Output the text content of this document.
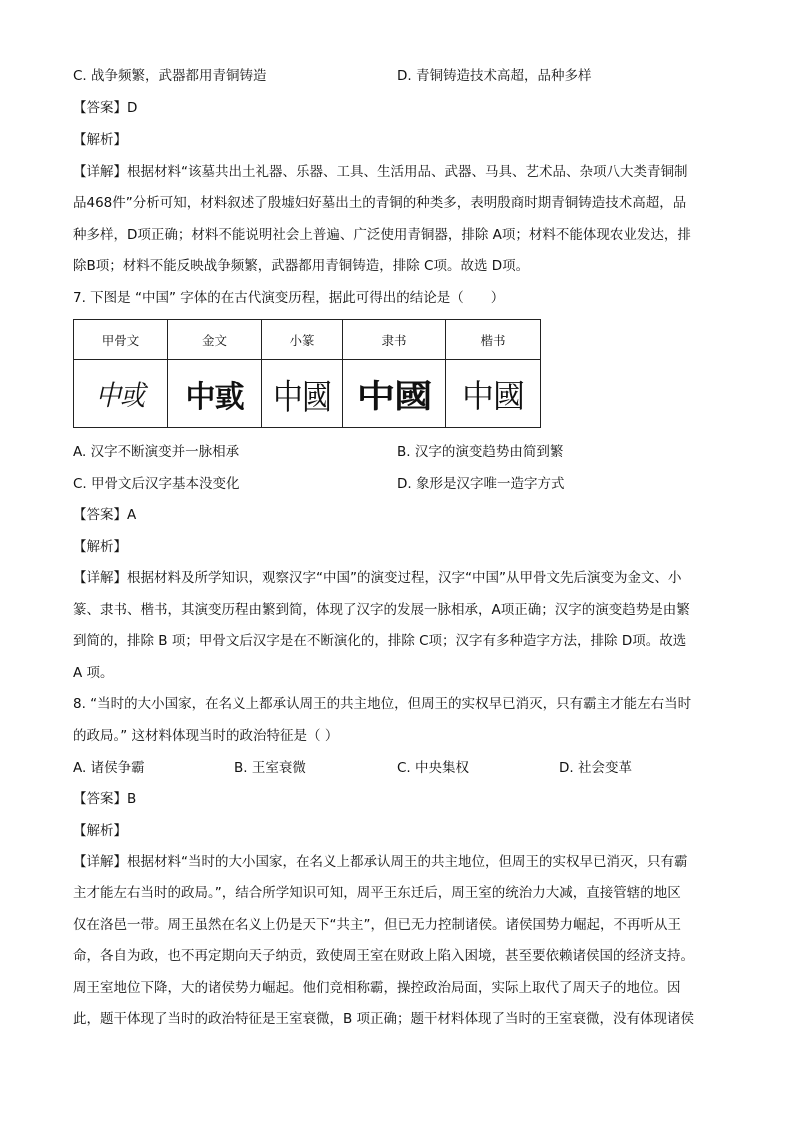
C. 战争频繁，武器都用青铜铸造	D. 青铜铸造技术高超，品种多样
【答案】D
【解析】
【详解】根据材料“该墓共出土礼器、乐器、工具、生活用品、武器、马具、艺术品、杂项八大类青铜制
品468件”分析可知，材料叙述了殷墟妇好墓出土的青铜的种类多，表明殷商时期青铜铸造技术高超，品
种多样，D项正确；材料不能说明社会上普遍、广泛使用青铜器，排除 A项；材料不能体现农业发达，排
除B项；材料不能反映战争频繁，武器都用青铜铸造，排除 C项。故选 D项。
7. 下图是 “中国” 字体的在古代演变历程，据此可得出的结论是（　　）
甲骨文	金文	小篆	隶书	楷书
中或	中戜	中國	中國	中國
A. 汉字不断演变并一脉相承	B. 汉字的演变趋势由简到繁
C. 甲骨文后汉字基本没变化	D. 象形是汉字唯一造字方式
【答案】A
【解析】
【详解】根据材料及所学知识，观察汉字“中国”的演变过程，汉字“中国”从甲骨文先后演变为金文、小
篆、隶书、楷书，其演变历程由繁到简，体现了汉字的发展一脉相承，A项正确；汉字的演变趋势是由繁
到简的，排除 B 项；甲骨文后汉字是在不断演化的，排除 C项；汉字有多种造字方法，排除 D项。故选
A 项。
8. “当时的大小国家，在名义上都承认周王的共主地位，但周王的实权早已消灭，只有霸主才能左右当时
的政局。” 这材料体现当时的政治特征是（ ）
A. 诸侯争霸	B. 王室衰微	C. 中央集权	D. 社会变革
【答案】B
【解析】
【详解】根据材料“当时的大小国家，在名义上都承认周王的共主地位，但周王的实权早已消灭，只有霸
主才能左右当时的政局。”，结合所学知识可知，周平王东迁后，周王室的统治力大减，直接管辖的地区
仅在洛邑一带。周王虽然在名义上仍是天下“共主”，但已无力控制诸侯。诸侯国势力崛起，不再听从王
命，各自为政，也不再定期向天子纳贡，致使周王室在财政上陷入困境，甚至要依赖诸侯国的经济支持。
周王室地位下降，大的诸侯势力崛起。他们竞相称霸，操控政治局面，实际上取代了周天子的地位。因
此，题干体现了当时的政治特征是王室衰微，B 项正确；题干材料体现了当时的王室衰微，没有体现诸侯
